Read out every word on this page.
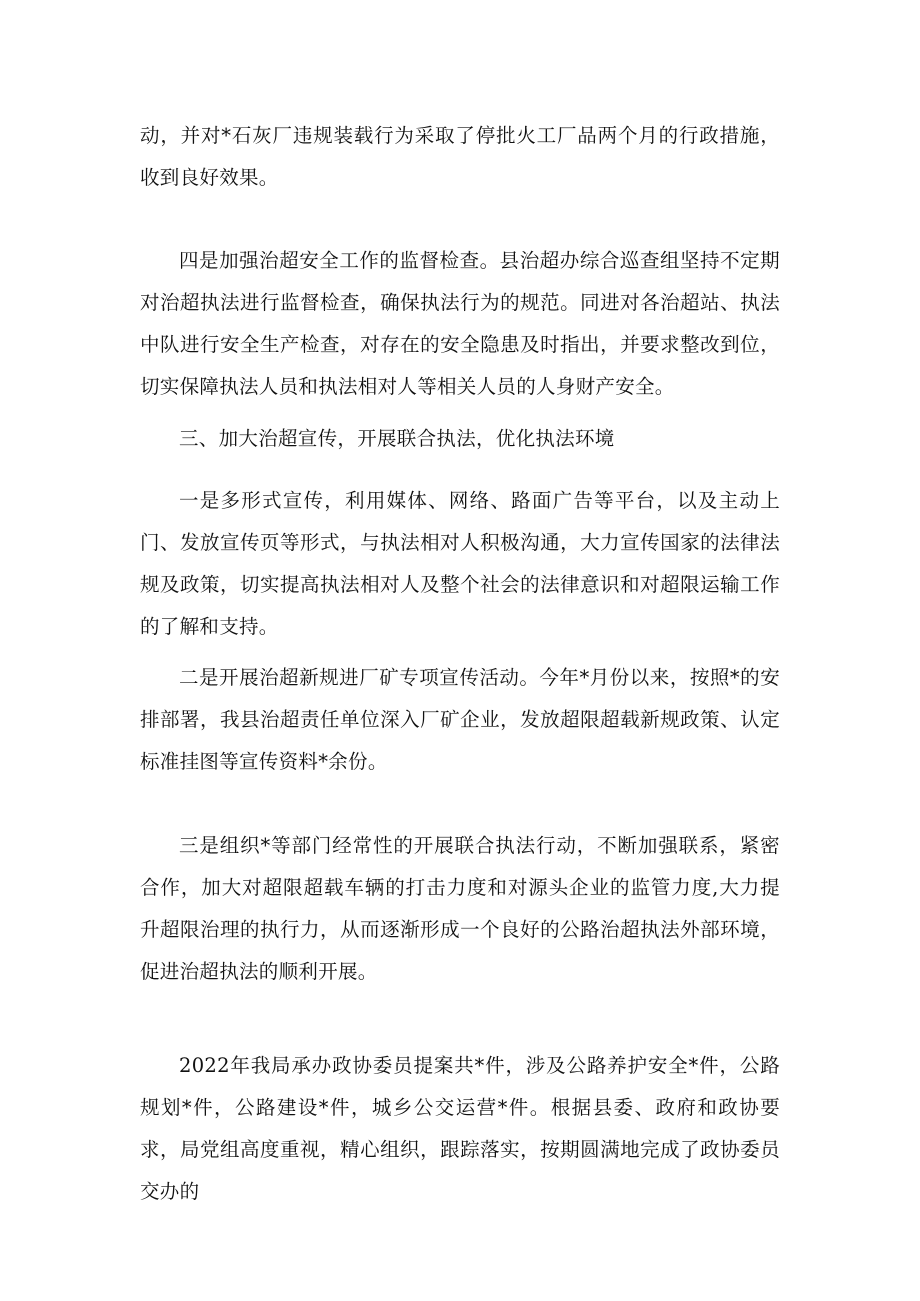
动，并对*石灰厂违规装载行为采取了停批火工厂品两个月的行政措施，收到良好效果。

四是加强治超安全工作的监督检查。县治超办综合巡查组坚持不定期对治超执法进行监督检查，确保执法行为的规范。同进对各治超站、执法中队进行安全生产检查，对存在的安全隐患及时指出，并要求整改到位，切实保障执法人员和执法相对人等相关人员的人身财产安全。

三、加大治超宣传，开展联合执法，优化执法环境

一是多形式宣传，利用媒体、网络、路面广告等平台，以及主动上门、发放宣传页等形式，与执法相对人积极沟通，大力宣传国家的法律法规及政策，切实提高执法相对人及整个社会的法律意识和对超限运输工作的了解和支持。

二是开展治超新规进厂矿专项宣传活动。今年*月份以来，按照*的安排部署，我县治超责任单位深入厂矿企业，发放超限超载新规政策、认定标准挂图等宣传资料*余份。

三是组织*等部门经常性的开展联合执法行动，不断加强联系，紧密合作，加大对超限超载车辆的打击力度和对源头企业的监管力度,大力提升超限治理的执行力，从而逐渐形成一个良好的公路治超执法外部环境，促进治超执法的顺利开展。

2022年我局承办政协委员提案共*件，涉及公路养护安全*件，公路规划*件，公路建设*件，城乡公交运营*件。根据县委、政府和政协要求，局党组高度重视，精心组织，跟踪落实，按期圆满地完成了政协委员交办的
